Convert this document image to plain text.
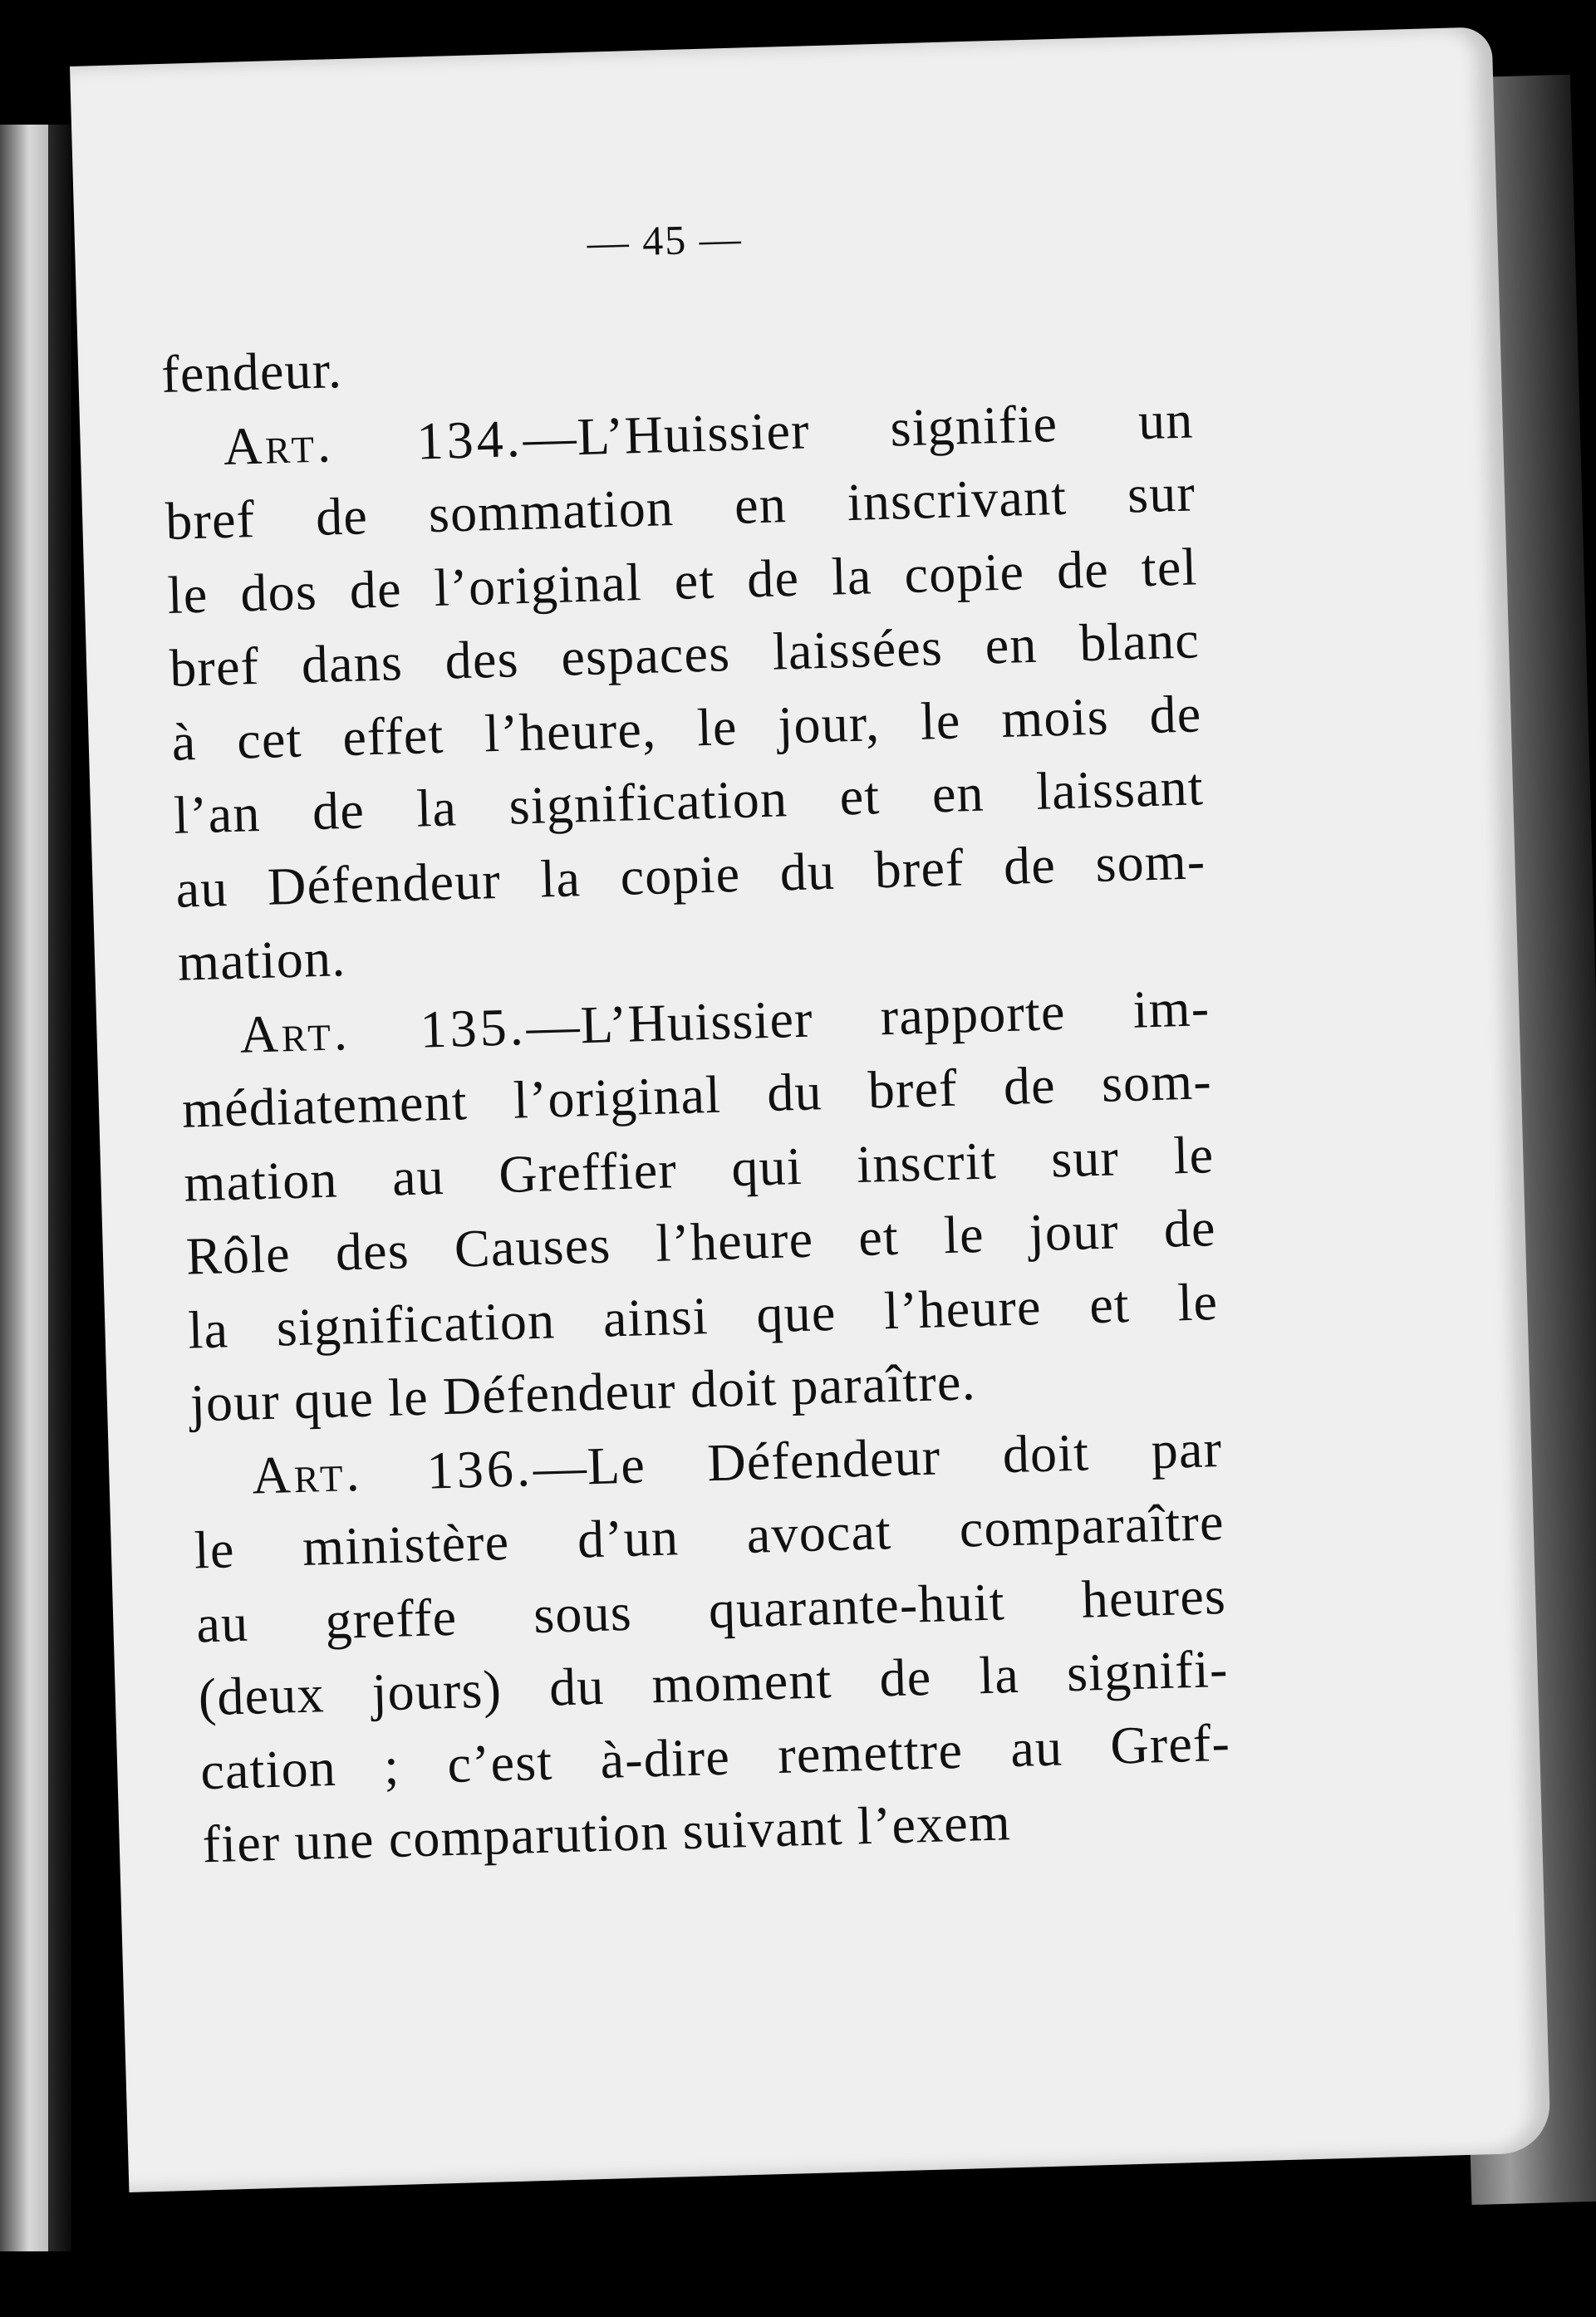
— 45 —
fendeur.
Art. 134.—L’Huissier signifie un
bref de sommation en inscrivant sur
le dos de l’original et de la copie de tel
bref dans des espaces laissées en blanc
à cet effet l’heure, le jour, le mois de
l’an de la signification et en laissant
au Défendeur la copie du bref de som-
mation.
Art. 135.—L’Huissier rapporte im-
médiatement l’original du bref de som-
mation au Greffier qui inscrit sur le
Rôle des Causes l’heure et le jour de
la signification ainsi que l’heure et le
jour que le Défendeur doit paraître.
Art. 136.—Le Défendeur doit par
le ministère d’un avocat comparaître
au greffe sous quarante-huit heures
(deux jours) du moment de la signifi-
cation ; c’est à-dire remettre au Gref-
fier une comparution suivant l’exem
